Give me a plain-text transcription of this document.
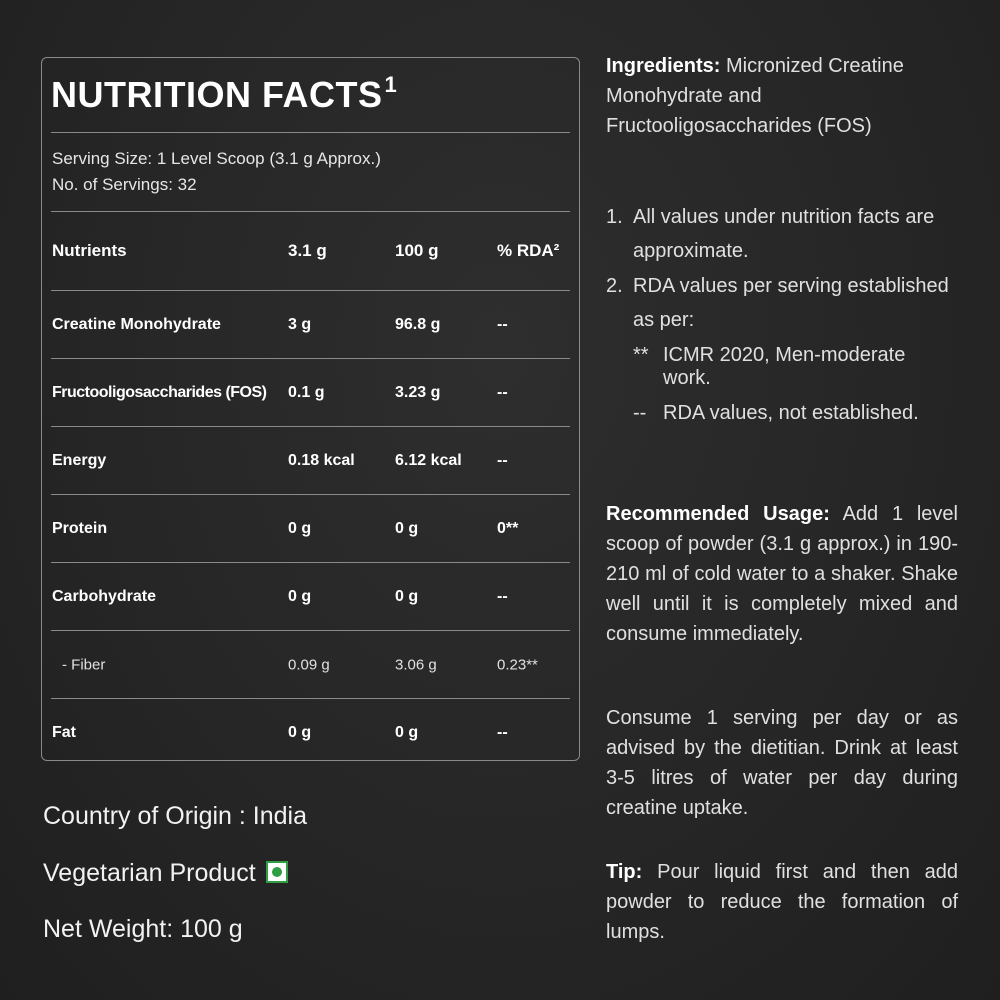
NUTRITION FACTS$^1$
Serving Size: 1 Level Scoop (3.1 g Approx.)
No. of Servings: 32
Nutrients	3.1 g	100 g	% RDA²
Creatine Monohydrate	3 g	96.8 g	--
Fructooligosaccharides (FOS) 0.1 g	3.23 g	--
Energy	0.18 kcal	6.12 kcal --
Protein	0 g	0 g	0**
Carbohydrate	0 g	0 g	--
- Fiber	0.09 g	3.06 g	0.23**
Fat	0 g	0 g	--
Country of Origin : India
Vegetarian Product
Net Weight: 100 g
Ingredients: Micronized Creatine Monohydrate and Fructooligosaccharides (FOS)
1. All values under nutrition facts are approximate.
2. RDA values per serving established as per:
** ICMR 2020, Men-moderate work.
-- RDA values, not established.
Recommended Usage: Add 1 level scoop of powder (3.1 g approx.) in 190-210 ml of cold water to a shaker. Shake well until it is completely mixed and consume immediately.
Consume 1 serving per day or as advised by the dietitian. Drink at least 3-5 litres of water per day during creatine uptake.
Tip: Pour liquid first and then add powder to reduce the formation of lumps.
